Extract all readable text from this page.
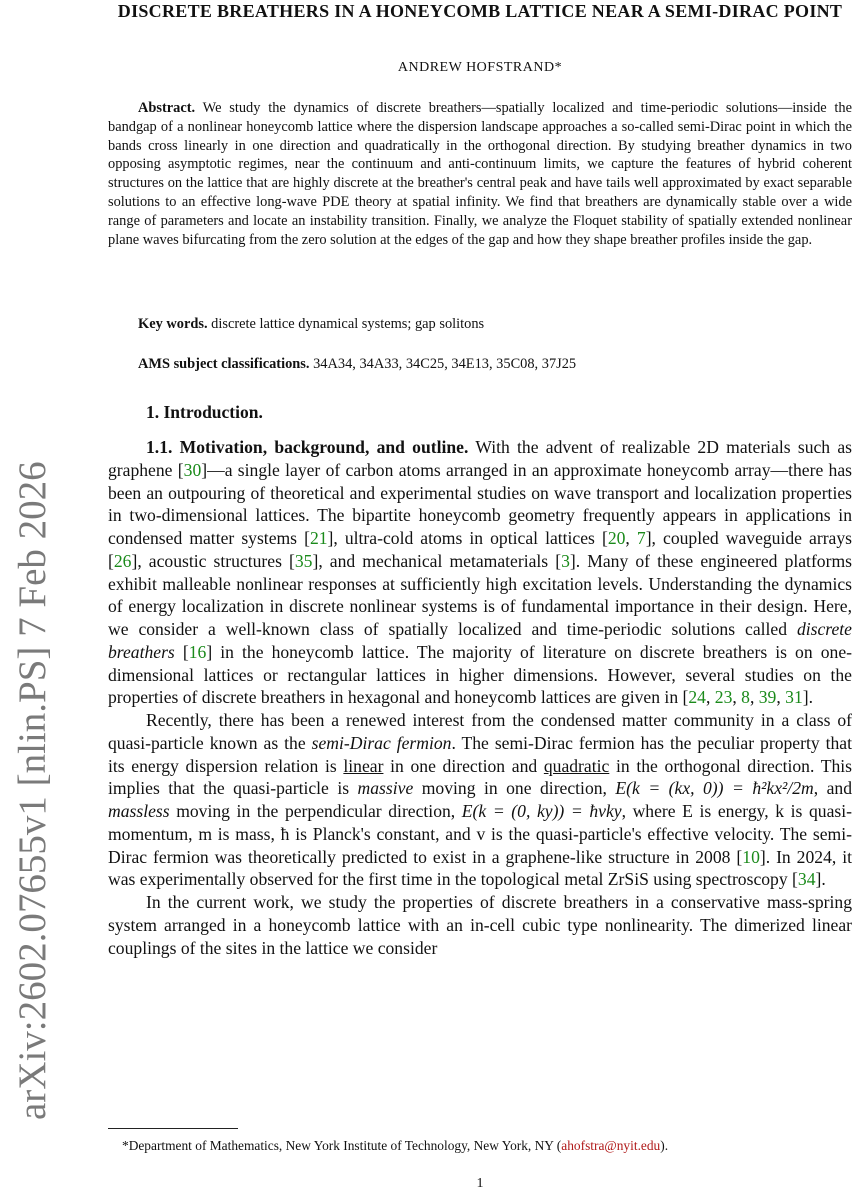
arXiv:2602.07655v1 [nlin.PS] 7 Feb 2026
DISCRETE BREATHERS IN A HONEYCOMB LATTICE NEAR A SEMI-DIRAC POINT
ANDREW HOFSTRAND*
Abstract. We study the dynamics of discrete breathers—spatially localized and time-periodic solutions—inside the bandgap of a nonlinear honeycomb lattice where the dispersion landscape approaches a so-called semi-Dirac point in which the bands cross linearly in one direction and quadratically in the orthogonal direction. By studying breather dynamics in two opposing asymptotic regimes, near the continuum and anti-continuum limits, we capture the features of hybrid coherent structures on the lattice that are highly discrete at the breather's central peak and have tails well approximated by exact separable solutions to an effective long-wave PDE theory at spatial infinity. We find that breathers are dynamically stable over a wide range of parameters and locate an instability transition. Finally, we analyze the Floquet stability of spatially extended nonlinear plane waves bifurcating from the zero solution at the edges of the gap and how they shape breather profiles inside the gap.
Key words. discrete lattice dynamical systems; gap solitons
AMS subject classifications. 34A34, 34A33, 34C25, 34E13, 35C08, 37J25
1. Introduction.

1.1. Motivation, background, and outline. With the advent of realizable 2D materials such as graphene [30]—a single layer of carbon atoms arranged in an approximate honeycomb array—there has been an outpouring of theoretical and experimental studies on wave transport and localization properties in two-dimensional lattices. The bipartite honeycomb geometry frequently appears in applications in condensed matter systems [21], ultra-cold atoms in optical lattices [20, 7], coupled waveguide arrays [26], acoustic structures [35], and mechanical metamaterials [3]. Many of these engineered platforms exhibit malleable nonlinear responses at sufficiently high excitation levels. Understanding the dynamics of energy localization in discrete nonlinear systems is of fundamental importance in their design. Here, we consider a well-known class of spatially localized and time-periodic solutions called discrete breathers [16] in the honeycomb lattice. The majority of literature on discrete breathers is on one-dimensional lattices or rectangular lattices in higher dimensions. However, several studies on the properties of discrete breathers in hexagonal and honeycomb lattices are given in [24, 23, 8, 39, 31].

Recently, there has been a renewed interest from the condensed matter community in a class of quasi-particle known as the semi-Dirac fermion. The semi-Dirac fermion has the peculiar property that its energy dispersion relation is linear in one direction and quadratic in the orthogonal direction. This implies that the quasi-particle is massive moving in one direction, E(k = (kx, 0)) = ħ²kx²/2m, and massless moving in the perpendicular direction, E(k = (0, ky)) = ħvky, where E is energy, k is quasi-momentum, m is mass, ħ is Planck's constant, and v is the quasi-particle's effective velocity. The semi-Dirac fermion was theoretically predicted to exist in a graphene-like structure in 2008 [10]. In 2024, it was experimentally observed for the first time in the topological metal ZrSiS using spectroscopy [34].

In the current work, we study the properties of discrete breathers in a conservative mass-spring system arranged in a honeycomb lattice with an in-cell cubic type nonlinearity. The dimerized linear couplings of the sites in the lattice we consider

*Department of Mathematics, New York Institute of Technology, New York, NY (ahofstra@nyit.edu).
1
